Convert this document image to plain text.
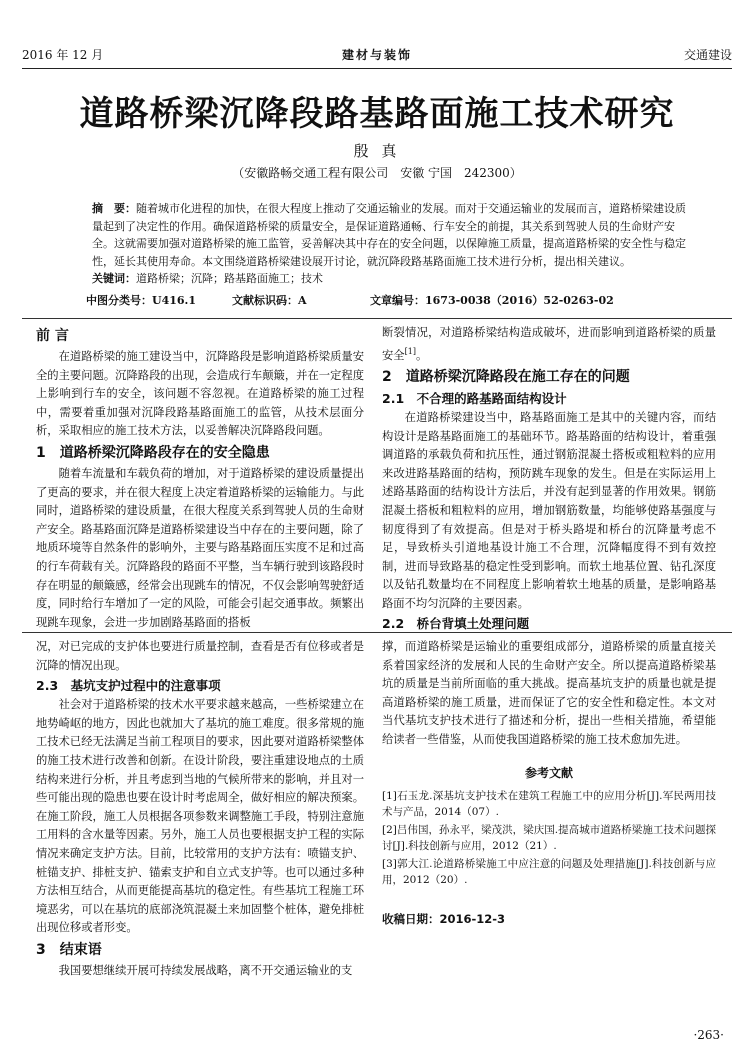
2016 年 12 月	建材与装饰	交通建设
道路桥梁沉降段路基路面施工技术研究
殷 真
（安徽路畅交通工程有限公司　安徽 宁国　242300）
摘　要：随着城市化进程的加快，在很大程度上推动了交通运输业的发展。而对于交通运输业的发展而言，道路桥梁建设质量起到了决定性的作用。确保道路桥梁的质量安全，是保证道路通畅、行车安全的前提，其关系到驾驶人员的生命财产安全。这就需要加强对道路桥梁的施工监管，妥善解决其中存在的安全问题，以保障施工质量，提高道路桥梁的安全性与稳定性，延长其使用寿命。本文围绕道路桥梁建设展开讨论，就沉降段路基路面施工技术进行分析，提出相关建议。
关键词：道路桥梁；沉降；路基路面施工；技术
中图分类号：U416.1	文献标识码：A	文章编号：1673-0038（2016）52-0263-02
前 言

在道路桥梁的施工建设当中，沉降路段是影响道路桥梁质量安全的主要问题。沉降路段的出现，会造成行车颠簸，并在一定程度上影响到行车的安全，该问题不容忽视。在道路桥梁的施工过程中，需要着重加强对沉降段路基路面施工的监管，从技术层面分析，采取相应的施工技术方法，以妥善解决沉降路段问题。

1　道路桥梁沉降路段存在的安全隐患

随着车流量和车载负荷的增加，对于道路桥梁的建设质量提出了更高的要求，并在很大程度上决定着道路桥梁的运输能力。与此同时，道路桥梁的建设质量，在很大程度关系到驾驶人员的生命财产安全。路基路面沉降是道路桥梁建设当中存在的主要问题，除了地质环境等自然条件的影响外，主要与路基路面压实度不足和过高的行车荷载有关。沉降路段的路面不平整，当车辆行驶到该路段时存在明显的颠簸感，经常会出现跳车的情况，不仅会影响驾驶舒适度，同时给行车增加了一定的风险，可能会引起交通事故。频繁出现跳车现象，会进一步加剧路基路面的搭板

断裂情况，对道路桥梁结构造成破坏，进而影响到道路桥梁的质量安全[1]。

2　道路桥梁沉降路段在施工存在的问题
2.1　不合理的路基路面结构设计

在道路桥梁建设当中，路基路面施工是其中的关键内容，而结构设计是路基路面施工的基础环节。路基路面的结构设计，着重强调道路的承载负荷和抗压性，通过钢筋混凝土搭板或粗粒料的应用来改进路基路面的结构，预防跳车现象的发生。但是在实际运用上述路基路面的结构设计方法后，并没有起到显著的作用效果。钢筋混凝土搭板和粗粒料的应用，增加钢筋数量，均能够使路基强度与韧度得到了有效提高。但是对于桥头路堤和桥台的沉降量考虑不足，导致桥头引道地基设计施工不合理，沉降幅度得不到有效控制，进而导致路基的稳定性受到影响。而软土地基位置、钻孔深度以及钻孔数量均在不同程度上影响着软土地基的质量，是影响路基路面不均匀沉降的主要因素。

2.2　桥台背填土处理问题

况，对已完成的支护体也要进行质量控制，查看是否有位移或者是沉降的情况出现。

2.3　基坑支护过程中的注意事项

社会对于道路桥梁的技术水平要求越来越高，一些桥梁建立在地势崎岖的地方，因此也就加大了基坑的施工难度。很多常规的施工技术已经无法满足当前工程项目的要求，因此要对道路桥梁整体的施工技术进行改善和创新。在设计阶段，要注重建设地点的土质结构来进行分析，并且考虑到当地的气候所带来的影响，并且对一些可能出现的隐患也要在设计时考虑周全，做好相应的解决预案。在施工阶段，施工人员根据各项参数来调整施工手段，特别注意施工用料的含水量等因素。另外，施工人员也要根据支护工程的实际情况来确定支护方法。目前，比较常用的支护方法有：喷锚支护、桩锚支护、排桩支护、锚索支护和自立式支护等。也可以通过多种方法相互结合，从而更能提高基坑的稳定性。有些基坑工程施工环境恶劣，可以在基坑的底部浇筑混凝土来加固整个桩体，避免排桩出现位移或者形变。

3　结束语

我国要想继续开展可持续发展战略，离不开交通运输业的支

撑，而道路桥梁是运输业的重要组成部分，道路桥梁的质量直接关系着国家经济的发展和人民的生命财产安全。所以提高道路桥梁基坑的质量是当前所面临的重大挑战。提高基坑支护的质量也就是提高道路桥梁的施工质量，进而保证了它的安全性和稳定性。本文对当代基坑支护技术进行了描述和分析，提出一些相关措施，希望能给读者一些借鉴，从而使我国道路桥梁的施工技术愈加先进。

参考文献
[1]石玉龙.深基坑支护技术在建筑工程施工中的应用分析[J].军民两用技术与产品，2014（07）.
[2]吕伟国，孙永平，梁茂洪，梁庆国.提高城市道路桥梁施工技术问题探讨[J].科技创新与应用，2012（21）.
[3]郭大江.论道路桥梁施工中应注意的问题及处理措施[J].科技创新与应用，2012（20）.
收稿日期：2016-12-3
·263·
